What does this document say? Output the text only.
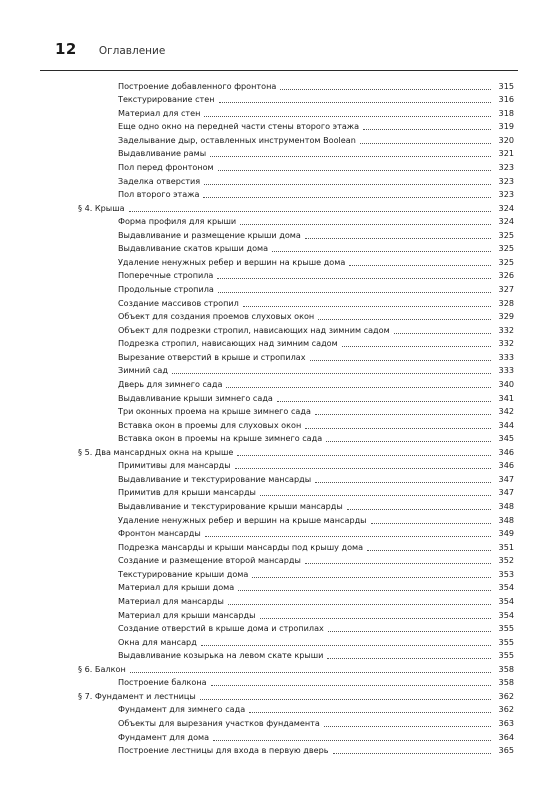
12 Оглавление
Построение добавленного фронтона	315
Текстурирование стен	316
Материал для стен	318
Еще одно окно на передней части стены второго этажа	319
Заделывание дыр, оставленных инструментом Boolean	320
Выдавливание рамы	321
Пол перед фронтоном	323
Заделка отверстия	323
Пол второго этажа	323
§ 4. Крыша	324
Форма профиля для крыши	324
Выдавливание и размещение крыши дома	325
Выдавливание скатов крыши дома	325
Удаление ненужных ребер и вершин на крыше дома	325
Поперечные стропила	326
Продольные стропила	327
Создание массивов стропил	328
Объект для создания проемов слуховых окон	329
Объект для подрезки стропил, нависающих над зимним садом	332
Подрезка стропил, нависающих над зимним садом	332
Вырезание отверстий в крыше и стропилах	333
Зимний сад	333
Дверь для зимнего сада	340
Выдавливание крыши зимнего сада	341
Три оконных проема на крыше зимнего сада	342
Вставка окон в проемы для слуховых окон	344
Вставка окон в проемы на крыше зимнего сада	345
§ 5. Два мансардных окна на крыше	346
Примитивы для мансарды	346
Выдавливание и текстурирование мансарды	347
Примитив для крыши мансарды	347
Выдавливание и текстурирование крыши мансарды	348
Удаление ненужных ребер и вершин на крыше мансарды	348
Фронтон мансарды	349
Подрезка мансарды и крыши мансарды под крышу дома	351
Создание и размещение второй мансарды	352
Текстурирование крыши дома	353
Материал для крыши дома	354
Материал для мансарды	354
Материал для крыши мансарды	354
Создание отверстий в крыше дома и стропилах	355
Окна для мансард	355
Выдавливание козырька на левом скате крыши	355
§ 6. Балкон	358
Построение балкона	358
§ 7. Фундамент и лестницы	362
Фундамент для зимнего сада	362
Объекты для вырезания участков фундамента	363
Фундамент для дома	364
Построение лестницы для входа в первую дверь	365
